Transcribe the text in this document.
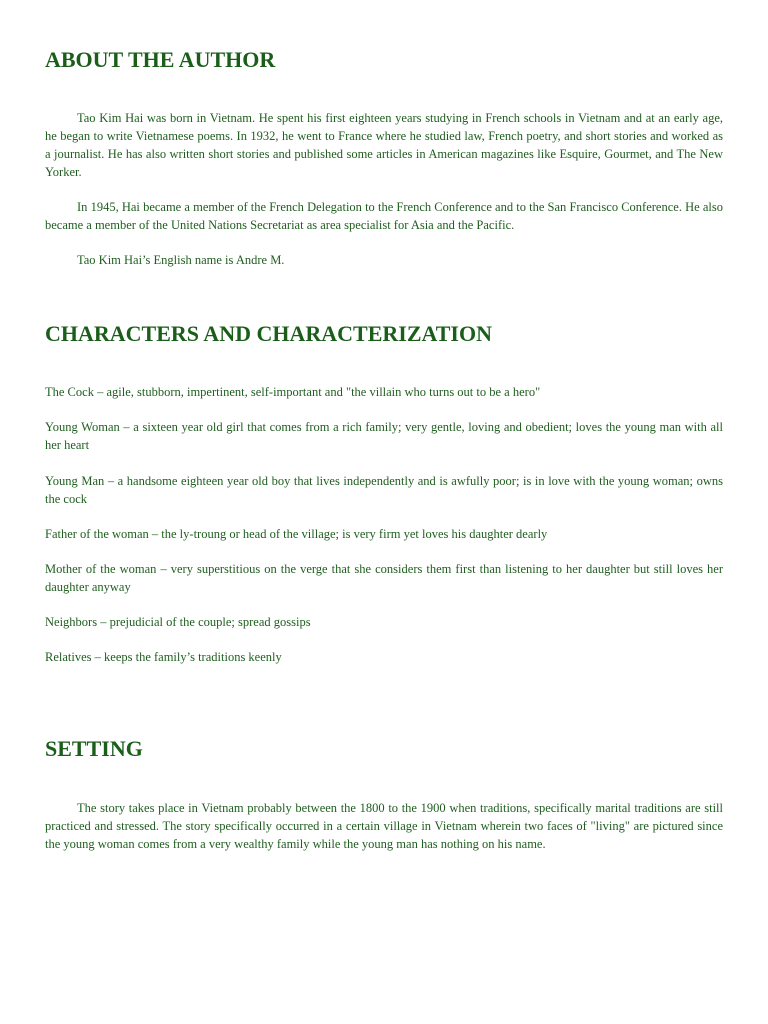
ABOUT THE AUTHOR

Tao Kim Hai was born in Vietnam. He spent his first eighteen years studying in French schools in Vietnam and at an early age, he began to write Vietnamese poems. In 1932, he went to France where he studied law, French poetry, and short stories and worked as a journalist. He has also written short stories and published some articles in American magazines like Esquire, Gourmet, and The New Yorker.

In 1945, Hai became a member of the French Delegation to the French Conference and to the San Francisco Conference. He also became a member of the United Nations Secretariat as area specialist for Asia and the Pacific.

Tao Kim Hai’s English name is Andre M.

CHARACTERS AND CHARACTERIZATION

The Cock – agile, stubborn, impertinent, self-important and "the villain who turns out to be a hero"

Young Woman – a sixteen year old girl that comes from a rich family; very gentle, loving and obedient; loves the young man with all her heart

Young Man – a handsome eighteen year old boy that lives independently and is awfully poor; is in love with the young woman; owns the cock

Father of the woman – the ly-troung or head of the village; is very firm yet loves his daughter dearly

Mother of the woman – very superstitious on the verge that she considers them first than listening to her daughter but still loves her daughter anyway

Neighbors – prejudicial of the couple; spread gossips

Relatives – keeps the family’s traditions keenly

SETTING

The story takes place in Vietnam probably between the 1800 to the 1900 when traditions, specifically marital traditions are still practiced and stressed. The story specifically occurred in a certain village in Vietnam wherein two faces of "living" are pictured since the young woman comes from a very wealthy family while the young man has nothing on his name.
